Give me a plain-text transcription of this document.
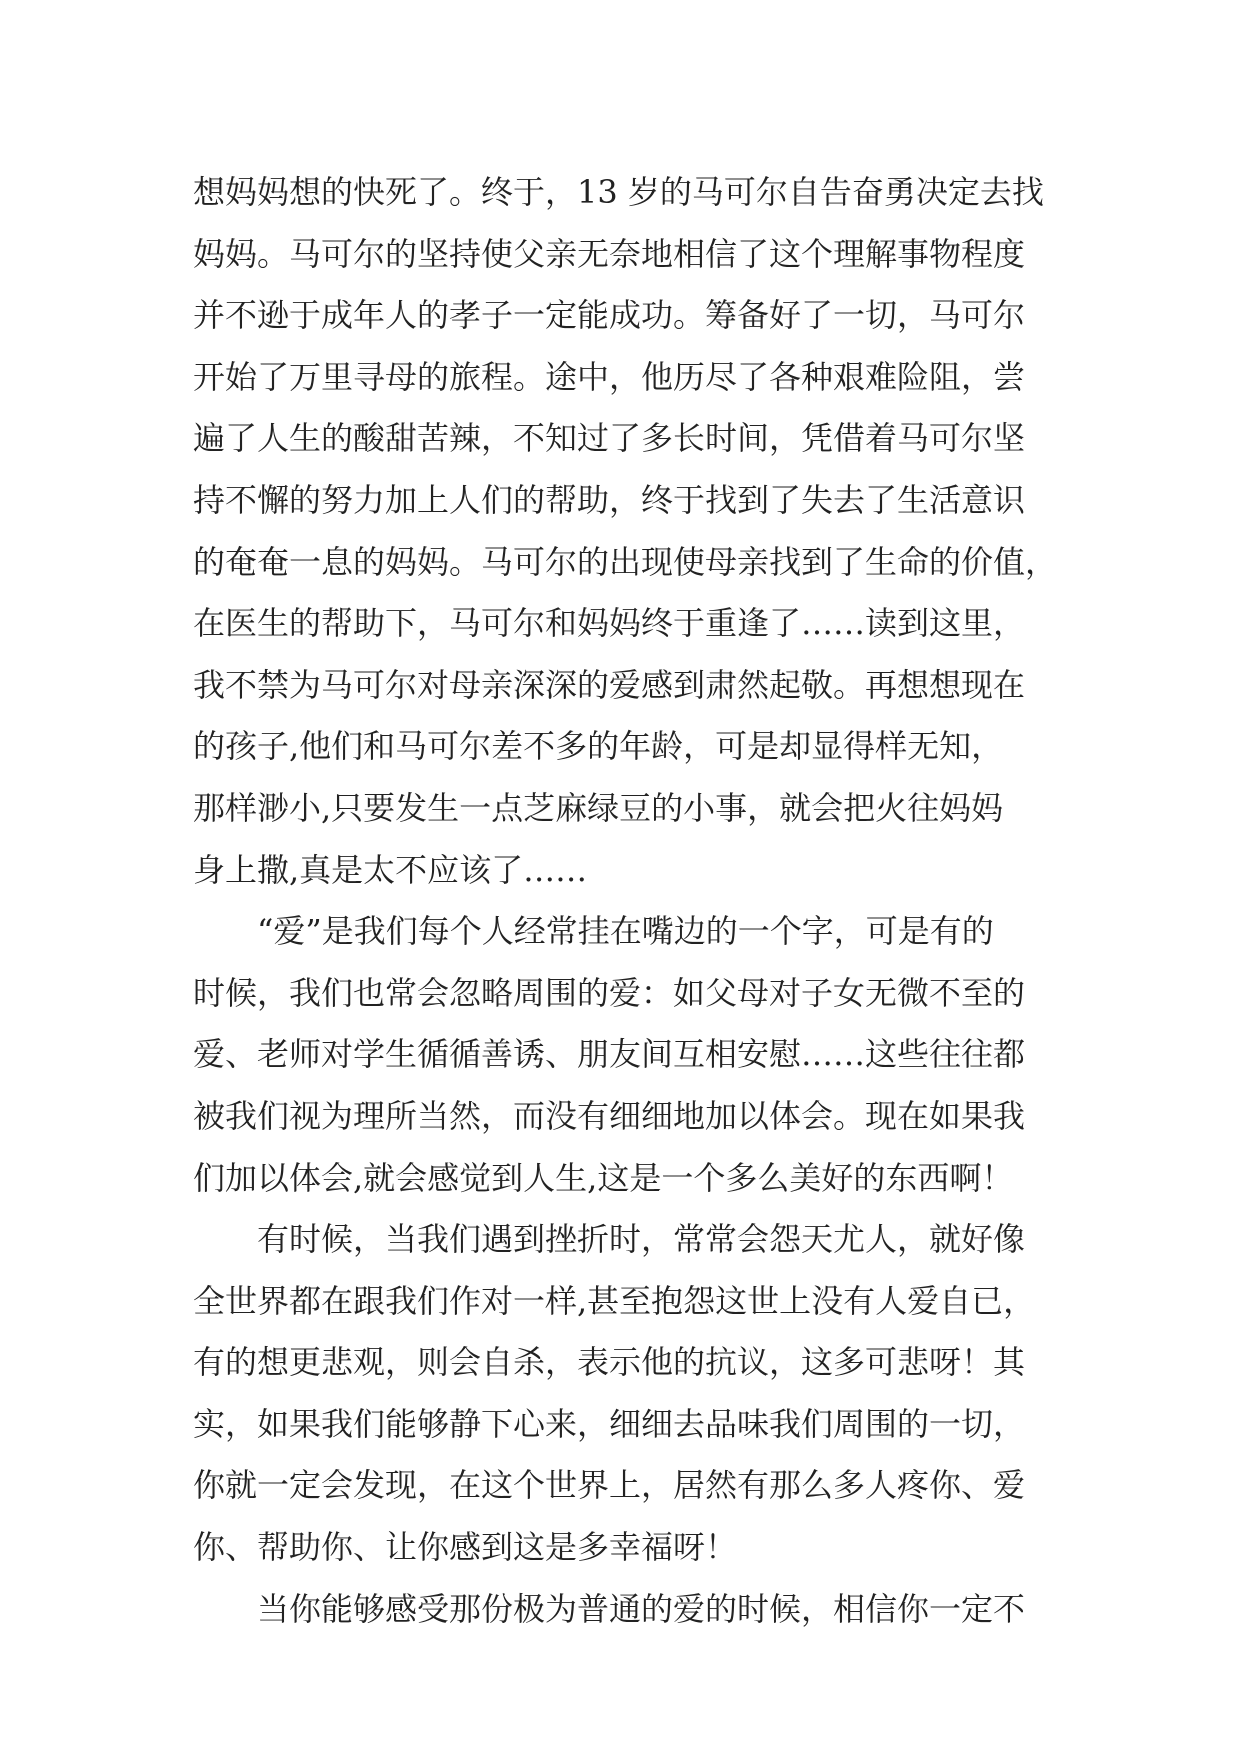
想妈妈想的快死了。终于，13 岁的马可尔自告奋勇决定去找
妈妈。马可尔的坚持使父亲无奈地相信了这个理解事物程度
并不逊于成年人的孝子一定能成功。筹备好了一切，马可尔
开始了万里寻母的旅程。途中，他历尽了各种艰难险阻，尝
遍了人生的酸甜苦辣，不知过了多长时间，凭借着马可尔坚
持不懈的努力加上人们的帮助，终于找到了失去了生活意识
的奄奄一息的妈妈。马可尔的出现使母亲找到了生命的价值，
在医生的帮助下，马可尔和妈妈终于重逢了……读到这里，
我不禁为马可尔对母亲深深的爱感到肃然起敬。再想想现在
的孩子,他们和马可尔差不多的年龄，可是却显得样无知，
那样渺小,只要发生一点芝麻绿豆的小事，就会把火往妈妈
身上撒,真是太不应该了……
　　“爱”是我们每个人经常挂在嘴边的一个字，可是有的
时候，我们也常会忽略周围的爱：如父母对子女无微不至的
爱、老师对学生循循善诱、朋友间互相安慰……这些往往都
被我们视为理所当然，而没有细细地加以体会。现在如果我
们加以体会,就会感觉到人生,这是一个多么美好的东西啊！
　　有时候，当我们遇到挫折时，常常会怨天尤人，就好像
全世界都在跟我们作对一样,甚至抱怨这世上没有人爱自已，
有的想更悲观，则会自杀，表示他的抗议，这多可悲呀！其
实，如果我们能够静下心来，细细去品味我们周围的一切，
你就一定会发现，在这个世界上，居然有那么多人疼你、爱
你、帮助你、让你感到这是多幸福呀！
　　当你能够感受那份极为普通的爱的时候，相信你一定不
